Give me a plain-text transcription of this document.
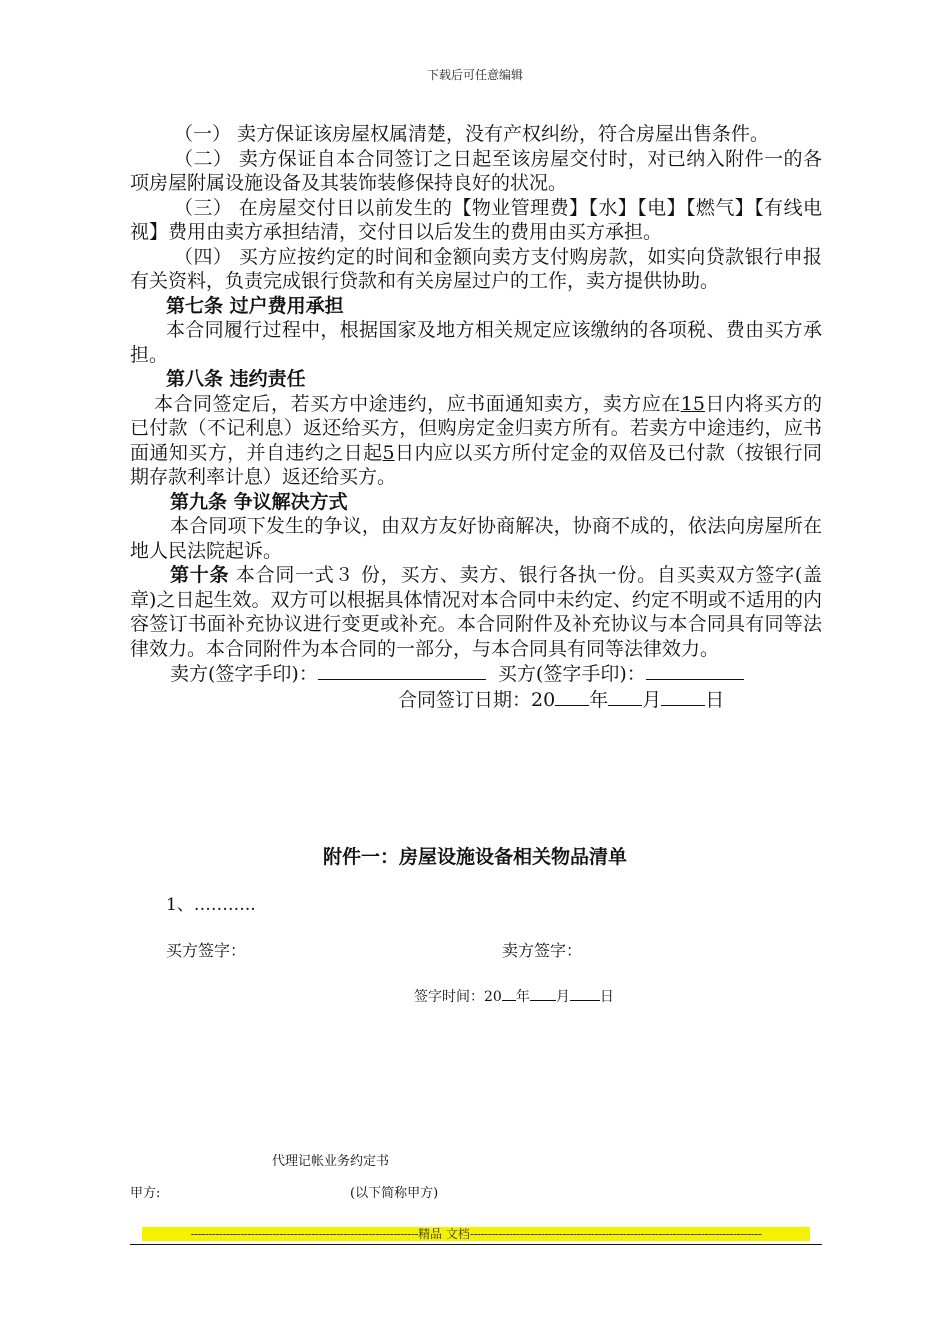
下载后可任意编辑

（一） 卖方保证该房屋权属清楚，没有产权纠纷，符合房屋出售条件。

（二） 卖方保证自本合同签订之日起至该房屋交付时，对已纳入附件一的各项房屋附属设施设备及其装饰装修保持良好的状况。

（三） 在房屋交付日以前发生的【物业管理费】【水】【电】【燃气】【有线电视】费用由卖方承担结清，交付日以后发生的费用由买方承担。

（四） 买方应按约定的时间和金额向卖方支付购房款，如实向贷款银行申报有关资料，负责完成银行贷款和有关房屋过户的工作，卖方提供协助。

第七条 过户费用承担

本合同履行过程中，根据国家及地方相关规定应该缴纳的各项税、费由买方承担。

第八条 违约责任

本合同签定后，若买方中途违约，应书面通知卖方，卖方应在15日内将买方的已付款（不记利息）返还给买方，但购房定金归卖方所有。若卖方中途违约，应书面通知买方，并自违约之日起5日内应以买方所付定金的双倍及已付款（按银行同期存款利率计息）返还给买方。

第九条 争议解决方式

本合同项下发生的争议，由双方友好协商解决，协商不成的，依法向房屋所在地人民法院起诉。

第十条 本合同一式３ 份，买方、卖方、银行各执一份。自买卖双方签字(盖章)之日起生效。双方可以根据具体情况对本合同中未约定、约定不明或不适用的内容签订书面补充协议进行变更或补充。本合同附件及补充协议与本合同具有同等法律效力。本合同附件为本合同的一部分，与本合同具有同等法律效力。

卖方(签字手印)：	买方(签字手印)：

合同签订日期：20 年 月 日

附件一：房屋设施设备相关物品清单
1、………..
买方签字：	卖方签字：
签字时间：20 年 月 日
代理记帐业务约定书
甲方:	(以下简称甲方)
----------------------------------------------------------------精品 文档----------------------------------------------------------------------------------
